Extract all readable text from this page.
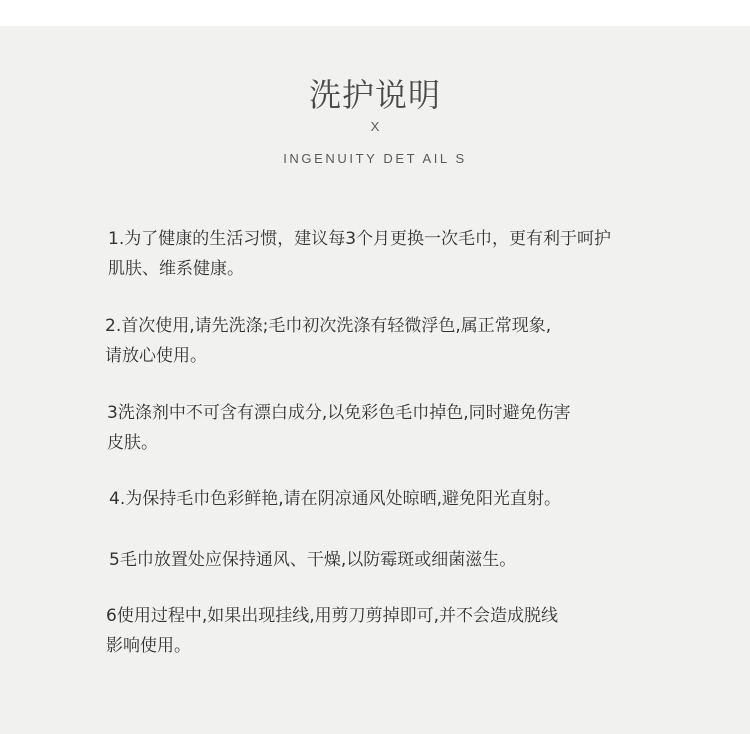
洗护说明
X
INGENUITY DET AIL S
1.为了健康的生活习惯，建议每3个月更换一次毛巾，更有利于呵护
肌肤、维系健康。
2.首次使用,请先洗涤;毛巾初次洗涤有轻微浮色,属正常现象,
请放心使用。
3洗涤剂中不可含有漂白成分,以免彩色毛巾掉色,同时避免伤害
皮肤。
4.为保持毛巾色彩鲜艳,请在阴凉通风处晾晒,避免阳光直射。
5毛巾放置处应保持通风、干燥,以防霉斑或细菌滋生。
6使用过程中,如果出现挂线,用剪刀剪掉即可,并不会造成脱线
影响使用。
